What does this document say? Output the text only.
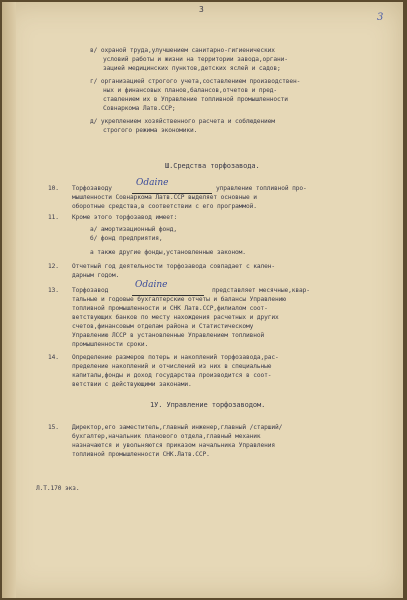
3
3
в/ охраной труда,улучшением санитарно-гигиенических
условий работы и жизни на территории завода,органи-
зацией медицинских пунктов,детских яслей и садов;
г/ организацией строгого учета,составлением производствен-
ных и финансовых планов,балансов,отчетов и пред-
ставлением их в Управление топливной промышленности
Совнаркома Латв.ССР;
д/ укреплением хозяйственного расчета и соблюдением
строгого режима экономики.
Ш.Средства торфозавода.
10. Торфозаводу
Odaine
управление топливной про-
мышленности Совнаркома Латв.ССР выделяет основные и
оборотные средства,в соответствии с его программой.
11. Кроме этого торфозавод имеет:
а/ амортизационный фонд,
б/ фонд предприятия,
а также другие фонды,установленные законом.
12. Отчетный год деятельности торфозавода совпадает с кален-
дарным годом.
13. Торфозавод
Odaine
представляет месячные,квар-
тальные и годовые бухгалтерские отчеты и балансы Управлению
топливной промышленности и СНК Латв.ССР,филиалом соот-
ветствующих банков по месту нахождения расчетных и других
счетов,финансовым отделам района и Статистическому
Управлению ЛССР в установленные Управлением топливной
промышленности сроки.
14. Определение размеров потерь и накоплений торфозавода,рас-
пределение накоплений и отчислений из них в специальные
капиталы,фонды и доход государства производится в соот-
ветствии с действующими законами.
1У. Управление торфозаводом.
15. Директор,его заместитель,главный инженер,главный /старший/
бухгалтер,начальник планового отдела,главный механик
назначаются и увольняются приказом начальника Управления
топливной промышленности СНК.Латв.ССР.
Л.Т.170 экз.
